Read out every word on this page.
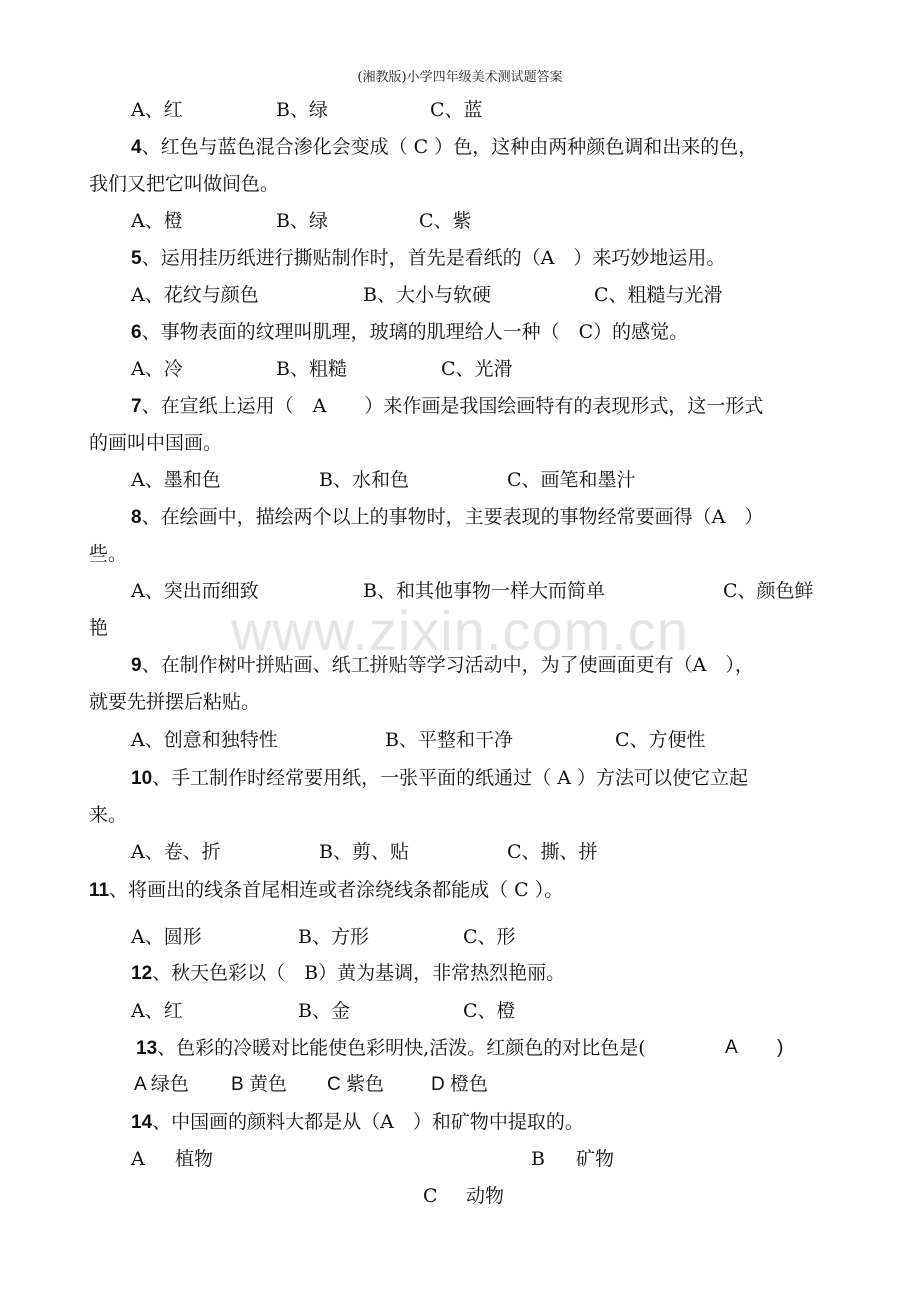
(湘教版)小学四年级美术测试题答案
www.zixin.com.cn
A、红	B、绿	C、蓝
4、红色与蓝色混合渗化会变成（ C ）色，这种由两种颜色调和出来的色，
我们又把它叫做间色。
A、橙	B、绿	C、紫
5、运用挂历纸进行撕贴制作时，首先是看纸的（A　）来巧妙地运用。
A、花纹与颜色	B、大小与软硬	C、粗糙与光滑
6、事物表面的纹理叫肌理，玻璃的肌理给人一种（　C）的感觉。
A、冷	B、粗糙	C、光滑
7、在宣纸上运用（　A　　）来作画是我国绘画特有的表现形式，这一形式
的画叫中国画。
A、墨和色	B、水和色	C、画笔和墨汁
8、在绘画中，描绘两个以上的事物时，主要表现的事物经常要画得（A　）
些。
A、突出而细致	B、和其他事物一样大而简单	C、颜色鲜
艳
9、在制作树叶拼贴画、纸工拼贴等学习活动中，为了使画面更有（A　），
就要先拼摆后粘贴。
A、创意和独特性	B、平整和干净	C、方便性
10、手工制作时经常要用纸，一张平面的纸通过（ A ）方法可以使它立起
来。
A、卷、折	B、剪、贴	C、撕、拼
11、将画出的线条首尾相连或者涂绕线条都能成（ C ）。
A、圆形	B、方形	C、形
12、秋天色彩以（　B）黄为基调，非常热烈艳丽。
A、红	B、金	C、橙
13、色彩的冷暖对比能使色彩明快,活泼。红颜色的对比色是(	A )
A 绿色 B 黄色 C 紫色 D 橙色
14、中国画的颜料大都是从（A　）和矿物中提取的。
A 植物	B 矿物
C 动物
